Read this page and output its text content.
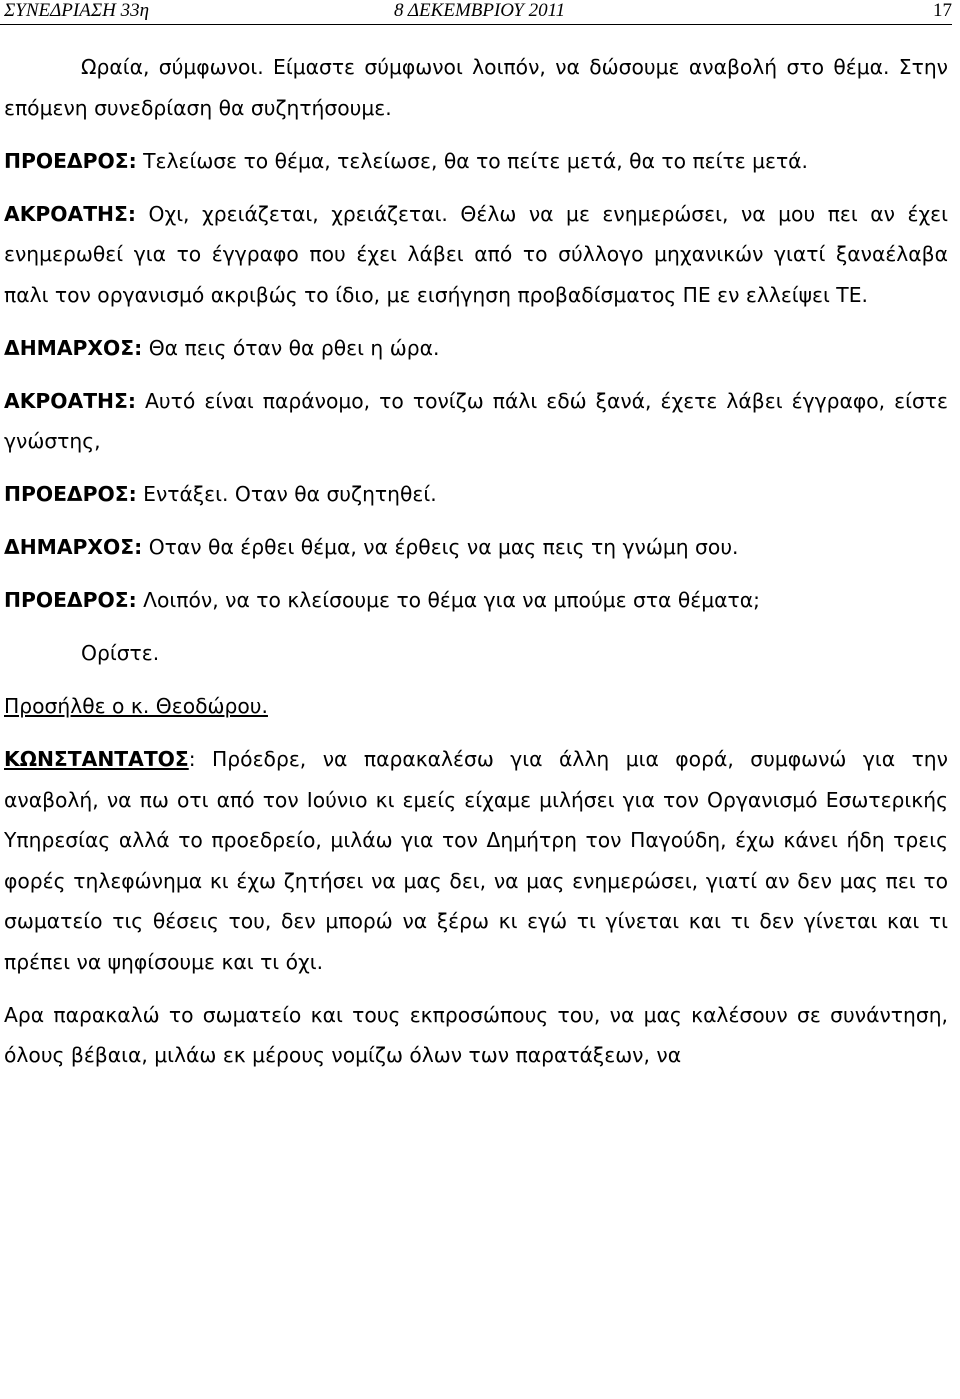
ΣΥΝΕΔΡΙΑΣΗ 33η	8 ΔΕΚΕΜΒΡΙΟΥ 2011	17

Ωραία, σύμφωνοι. Είμαστε σύμφωνοι λοιπόν, να δώσουμε αναβολή στο θέμα. Στην επόμενη συνεδρίαση θα συζητήσουμε.

ΠΡΟΕΔΡΟΣ: Τελείωσε το θέμα, τελείωσε, θα το πείτε μετά, θα το πείτε μετά.

ΑΚΡΟΑΤΗΣ: Οχι, χρειάζεται, χρειάζεται. Θέλω να με ενημερώσει, να μου πει αν έχει ενημερωθεί για το έγγραφο που έχει λάβει από το σύλλογο μηχανικών γιατί ξαναέλαβα παλι τον οργανισμό ακριβώς το ίδιο, με εισήγηση προβαδίσματος ΠΕ εν ελλείψει ΤΕ.

ΔΗΜΑΡΧΟΣ: Θα πεις όταν θα ρθει η ώρα.

ΑΚΡΟΑΤΗΣ: Αυτό είναι παράνομο, το τονίζω πάλι εδώ ξανά, έχετε λάβει έγγραφο, είστε γνώστης,

ΠΡΟΕΔΡΟΣ: Εντάξει. Οταν θα συζητηθεί.

ΔΗΜΑΡΧΟΣ: Οταν θα έρθει θέμα, να έρθεις να μας πεις τη γνώμη σου.

ΠΡΟΕΔΡΟΣ: Λοιπόν, να το κλείσουμε το θέμα για να μπούμε στα θέματα;

Ορίστε.

Προσήλθε ο κ. Θεοδώρου.

ΚΩΝΣΤΑΝΤΑΤΟΣ: Πρόεδρε, να παρακαλέσω για άλλη μια φορά, συμφωνώ για την αναβολή, να πω οτι από τον Ιούνιο κι εμείς είχαμε μιλήσει για τον Οργανισμό Εσωτερικής Υπηρεσίας αλλά το προεδρείο, μιλάω για τον Δημήτρη τον Παγούδη, έχω κάνει ήδη τρεις φορές τηλεφώνημα κι έχω ζητήσει να μας δει, να μας ενημερώσει, γιατί αν δεν μας πει το σωματείο τις θέσεις του, δεν μπορώ να ξέρω κι εγώ τι γίνεται και τι δεν γίνεται και τι πρέπει να ψηφίσουμε και τι όχι.

Αρα παρακαλώ το σωματείο και τους εκπροσώπους του, να μας καλέσουν σε συνάντηση, όλους βέβαια, μιλάω εκ μέρους νομίζω όλων των παρατάξεων, να
